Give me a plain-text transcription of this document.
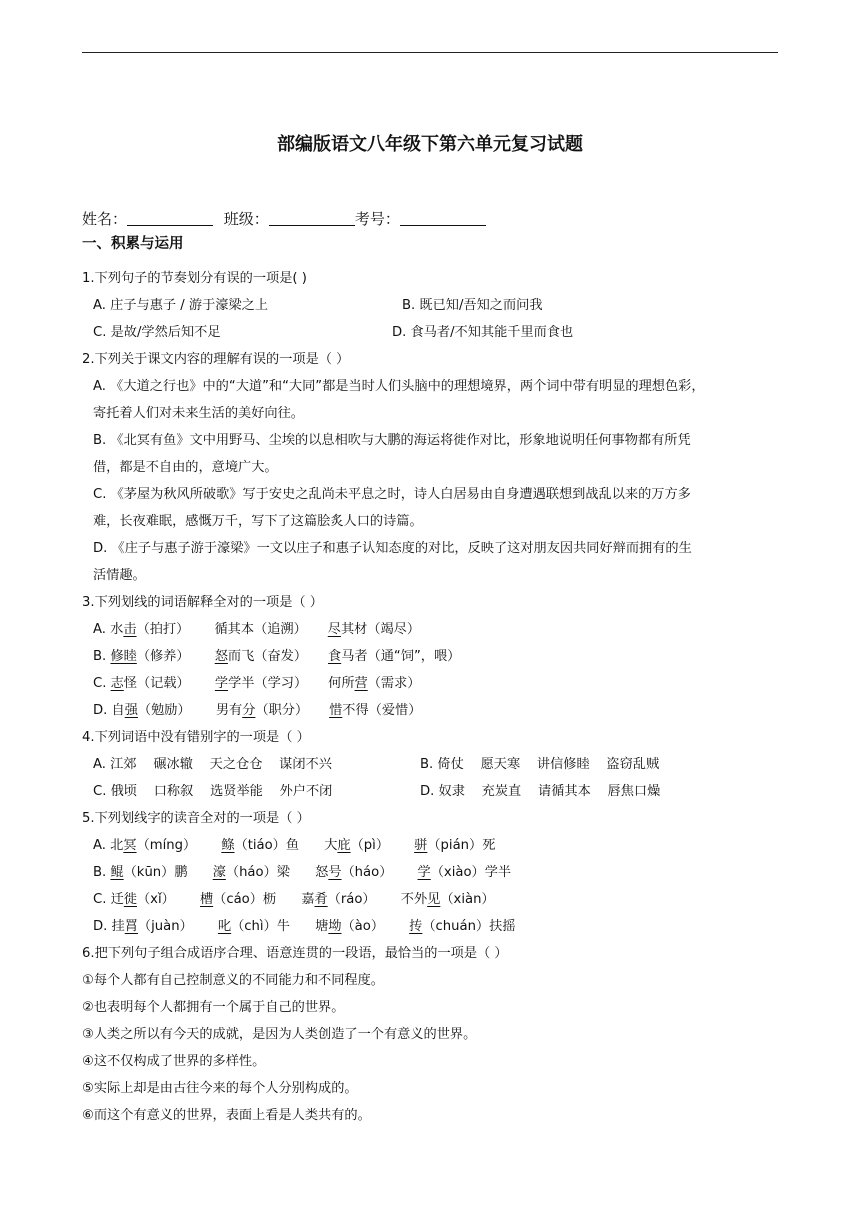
部编版语文八年级下第六单元复习试题
姓名：	班级：	考号：
一、积累与运用
1.下列句子的节奏划分有误的一项是( )
A. 庄子与惠子 / 游于濠梁之上	B. 既已知/吾知之而问我
C. 是故/学然后知不足	D. 食马者/不知其能千里而食也
2.下列关于课文内容的理解有误的一项是（ ）
A. 《大道之行也》中的“大道”和“大同”都是当时人们头脑中的理想境界，两个词中带有明显的理想色彩，
寄托着人们对未来生活的美好向往。
B. 《北冥有鱼》文中用野马、尘埃的以息相吹与大鹏的海运将徙作对比，形象地说明任何事物都有所凭
借，都是不自由的，意境广大。
C. 《茅屋为秋风所破歌》写于安史之乱尚未平息之时，诗人白居易由自身遭遇联想到战乱以来的万方多
难，长夜难眠，感慨万千，写下了这篇脍炙人口的诗篇。
D. 《庄子与惠子游于濠梁》一文以庄子和惠子认知态度的对比，反映了这对朋友因共同好辩而拥有的生
活情趣。
3.下列划线的词语解释全对的一项是（ ）
A. 水击（拍打）      循其本（追溯）     尽其材（竭尽）
B. 修睦（修养）      怒而飞（奋发）     食马者（通“饲”，喂）
C. 志怪（记载）      学学半（学习）     何所营（需求）
D. 自强（勉励）      男有分（职分）     惜不得（爱惜）
4.下列词语中没有错别字的一项是（ ）
A. 江郊    碾冰辙    天之仓仓    谋闭不兴	B. 倚仗    愿天寒    讲信修睦    盗窃乱贼
C. 俄顷    口称叙    选贤举能    外户不闭	D. 奴隶    充炭直    请循其本    唇焦口燥
5.下列划线字的读音全对的一项是（ ）
A. 北冥（míng）      鲦（tiáo）鱼      大庇（pì）      骈（pián）死
B. 鲲（kūn）鹏      濠（háo）梁      怒号（háo）      学（xiào）学半
C. 迁徙（xǐ）      槽（cáo）枥      嘉肴（ráo）      不外见（xiàn）
D. 挂罥（juàn）      叱（chì）牛      塘坳（ào）      抟（chuán）扶摇
6.把下列句子组合成语序合理、语意连贯的一段语，最恰当的一项是（ ）
①每个人都有自己控制意义的不同能力和不同程度。
②也表明每个人都拥有一个属于自己的世界。
③人类之所以有今天的成就，是因为人类创造了一个有意义的世界。
④这不仅构成了世界的多样性。
⑤实际上却是由古往今来的每个人分别构成的。
⑥而这个有意义的世界，表面上看是人类共有的。
